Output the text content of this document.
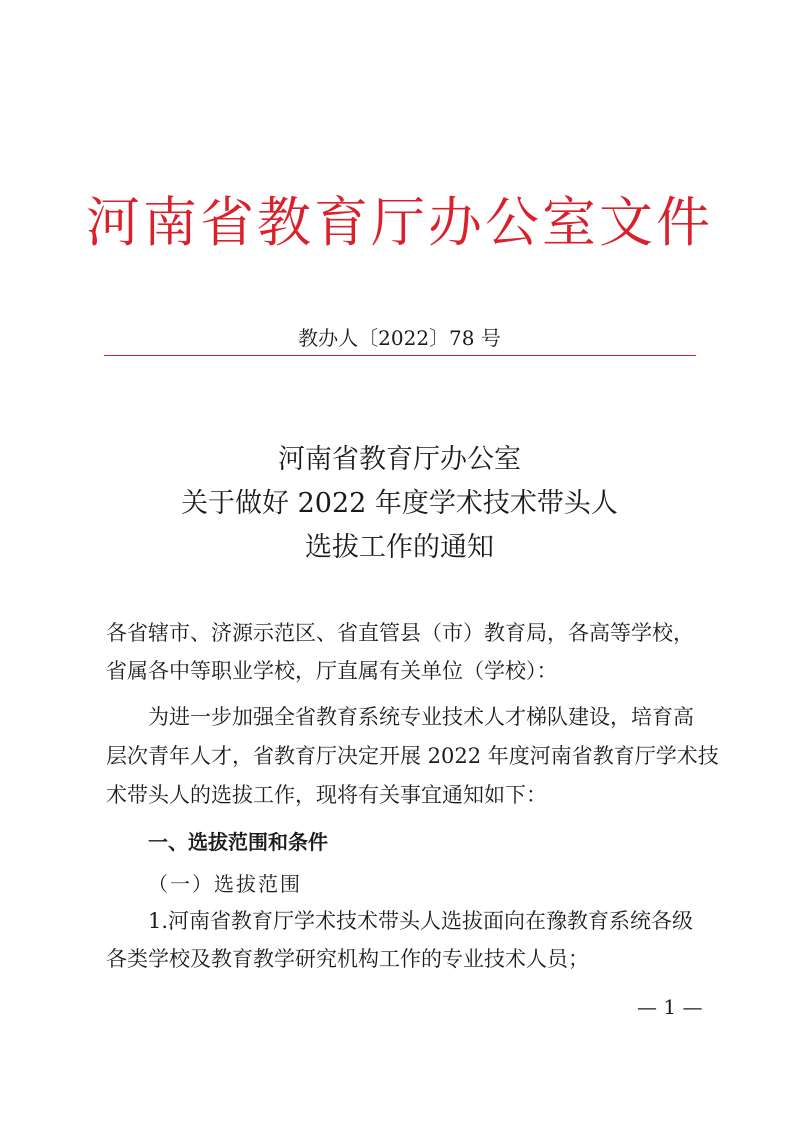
河南省教育厅办公室文件
教办人〔2022〕78 号
河南省教育厅办公室
关于做好 2022 年度学术技术带头人
选拔工作的通知
各省辖市、济源示范区、省直管县（市）教育局，各高等学校，
省属各中等职业学校，厅直属有关单位（学校）：
为进一步加强全省教育系统专业技术人才梯队建设，培育高
层次青年人才，省教育厅决定开展 2022 年度河南省教育厅学术技
术带头人的选拔工作，现将有关事宜通知如下：
一、选拔范围和条件
（一）选拔范围
1.河南省教育厅学术技术带头人选拔面向在豫教育系统各级
各类学校及教育教学研究机构工作的专业技术人员；
— 1 —
